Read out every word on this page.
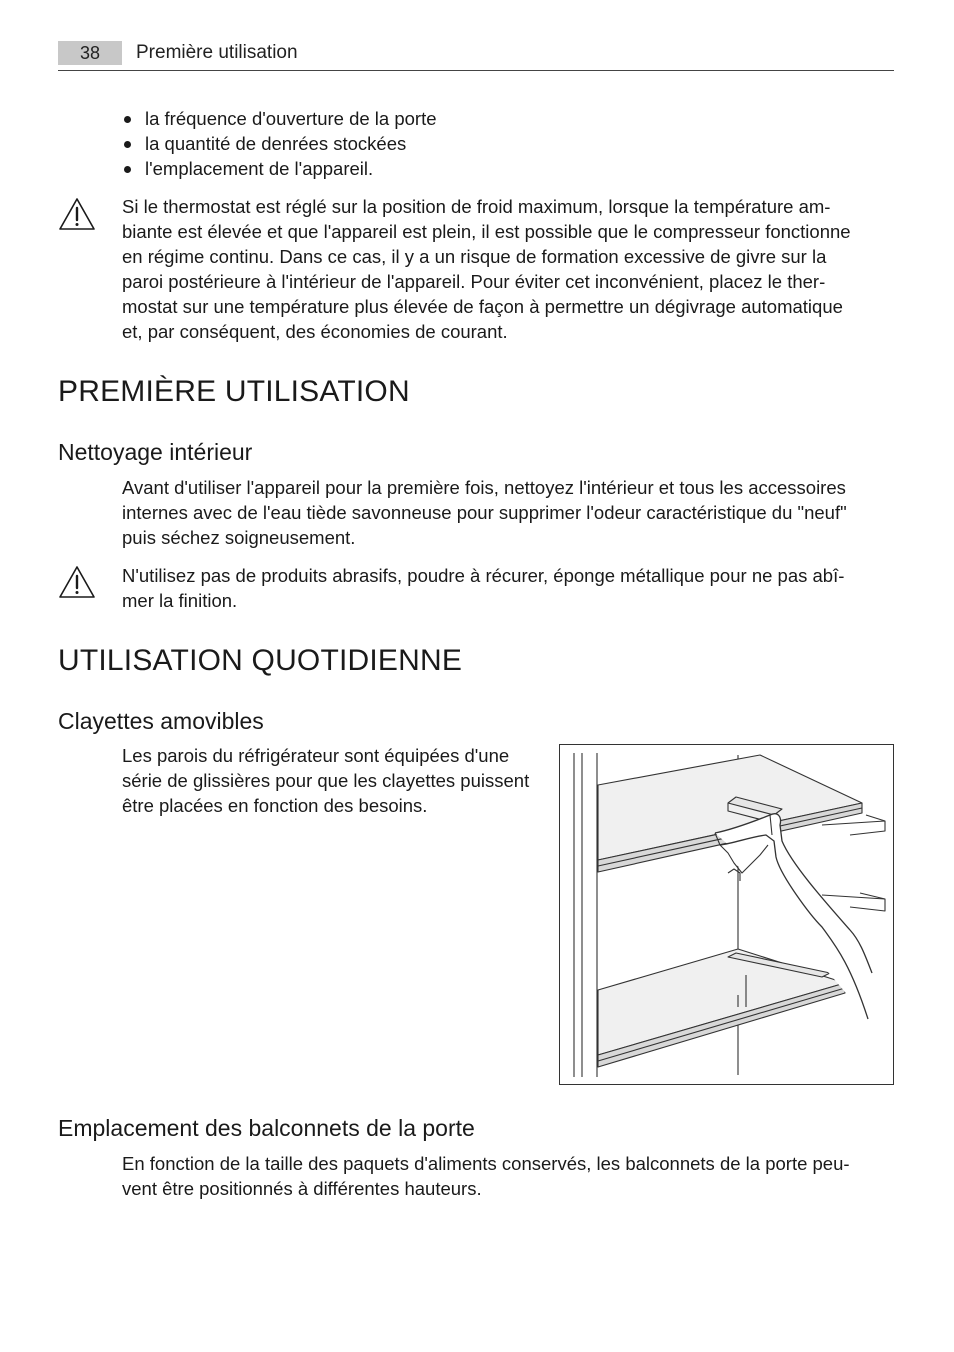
38	Première utilisation
la fréquence d'ouverture de la porte
la quantité de denrées stockées
l'emplacement de l'appareil.

Si le thermostat est réglé sur la position de froid maximum, lorsque la température am-

biante est élevée et que l'appareil est plein, il est possible que le compresseur fonctionne

en régime continu. Dans ce cas, il y a un risque de formation excessive de givre sur la

paroi postérieure à l'intérieur de l'appareil. Pour éviter cet inconvénient, placez le ther-

mostat sur une température plus élevée de façon à permettre un dégivrage automatique

et, par conséquent, des économies de courant.

PREMIÈRE UTILISATION
Nettoyage intérieur

Avant d'utiliser l'appareil pour la première fois, nettoyez l'intérieur et tous les accessoires

internes avec de l'eau tiède savonneuse pour supprimer l'odeur caractéristique du "neuf"

puis séchez soigneusement.

N'utilisez pas de produits abrasifs, poudre à récurer, éponge métallique pour ne pas abî-

mer la finition.

UTILISATION QUOTIDIENNE
Clayettes amovibles

Les parois du réfrigérateur sont équipées d'une

série de glissières pour que les clayettes puissent

être placées en fonction des besoins.

Emplacement des balconnets de la porte

En fonction de la taille des paquets d'aliments conservés, les balconnets de la porte peu-

vent être positionnés à différentes hauteurs.
